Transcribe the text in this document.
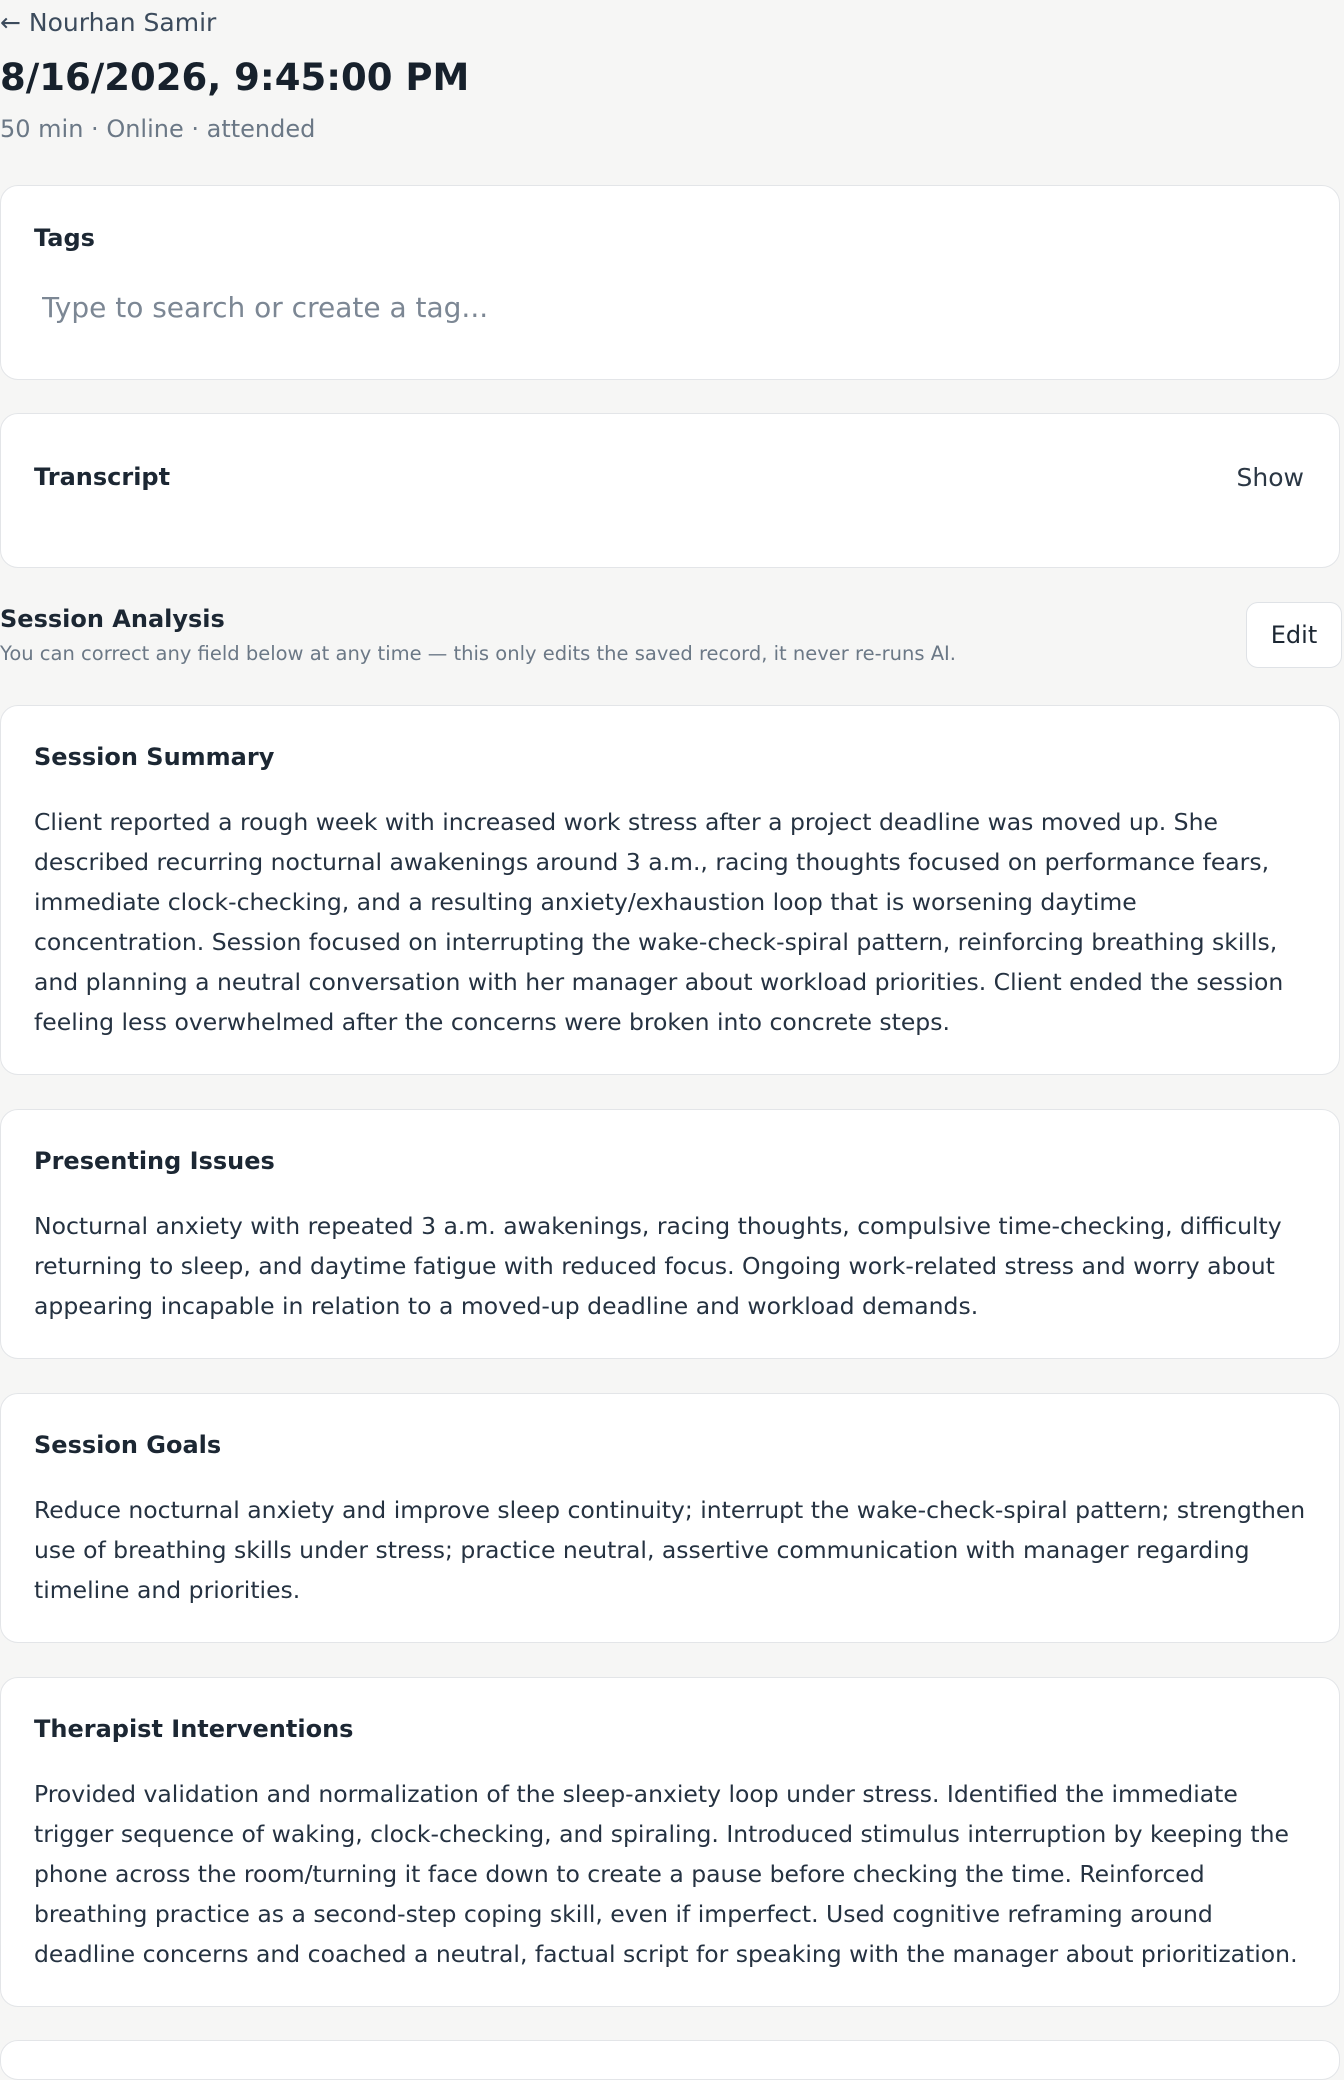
← Nourhan Samir
8/16/2026, 9:45:00 PM
50 min · Online · attended
Tags
Type to search or create a tag...
Transcript	Show
Session Analysis
You can correct any field below at any time — this only edits the saved record, it never re-runs AI.
Edit
Session Summary

Client reported a rough week with increased work stress after a project deadline was moved up. She described recurring nocturnal awakenings around 3 a.m., racing thoughts focused on performance fears, immediate clock-checking, and a resulting anxiety/exhaustion loop that is worsening daytime concentration. Session focused on interrupting the wake-check-spiral pattern, reinforcing breathing skills, and planning a neutral conversation with her manager about workload priorities. Client ended the session feeling less overwhelmed after the concerns were broken into concrete steps.

Presenting Issues

Nocturnal anxiety with repeated 3 a.m. awakenings, racing thoughts, compulsive time-checking, difficulty returning to sleep, and daytime fatigue with reduced focus. Ongoing work-related stress and worry about appearing incapable in relation to a moved-up deadline and workload demands.

Session Goals

Reduce nocturnal anxiety and improve sleep continuity; interrupt the wake-check-spiral pattern; strengthen use of breathing skills under stress; practice neutral, assertive communication with manager regarding timeline and priorities.

Therapist Interventions

Provided validation and normalization of the sleep-anxiety loop under stress. Identified the immediate trigger sequence of waking, clock-checking, and spiraling. Introduced stimulus interruption by keeping the phone across the room/turning it face down to create a pause before checking the time. Reinforced breathing practice as a second-step coping skill, even if imperfect. Used cognitive reframing around deadline concerns and coached a neutral, factual script for speaking with the manager about prioritization.
